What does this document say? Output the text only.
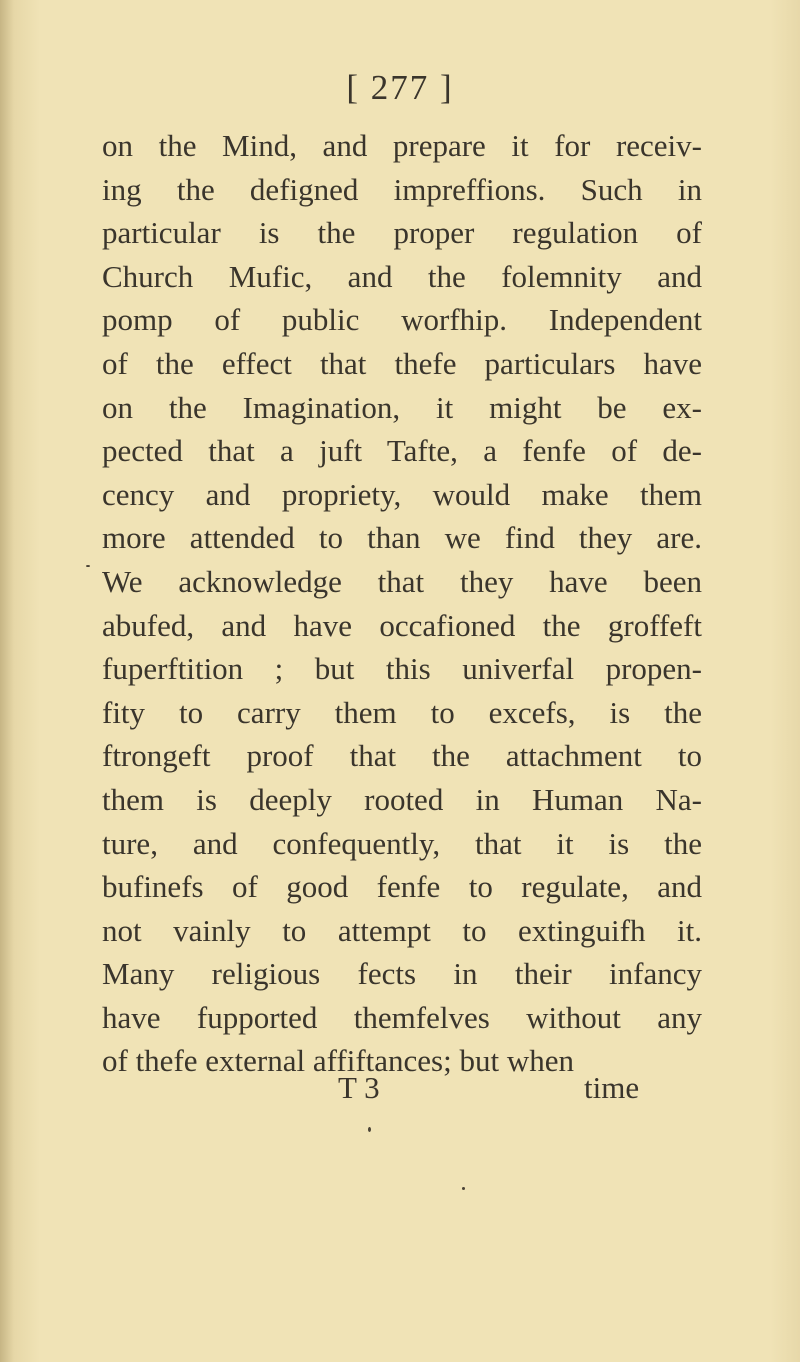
[ 277 ]
on the Mind, and prepare it for receiv-
ing the defigned impreffions. Such in
particular is the proper regulation of
Church Mufic, and the folemnity and
pomp of public worfhip. Independent
of the effect that thefe particulars have
on the Imagination, it might be ex-
pected that a juft Tafte, a fenfe of de-
cency and propriety, would make them
more attended to than we find they are.
We acknowledge that they have been
abufed, and have occafioned the groffeft
fuperftition ; but this univerfal propen-
fity to carry them to excefs, is the
ftrongeft proof that the attachment to
them is deeply rooted in Human Na-
ture, and confequently, that it is the
bufinefs of good fenfe to regulate, and
not vainly to attempt to extinguifh it.
Many religious fects in their infancy
have fupported themfelves without any
of thefe external affiftances; but when
T 3	time
